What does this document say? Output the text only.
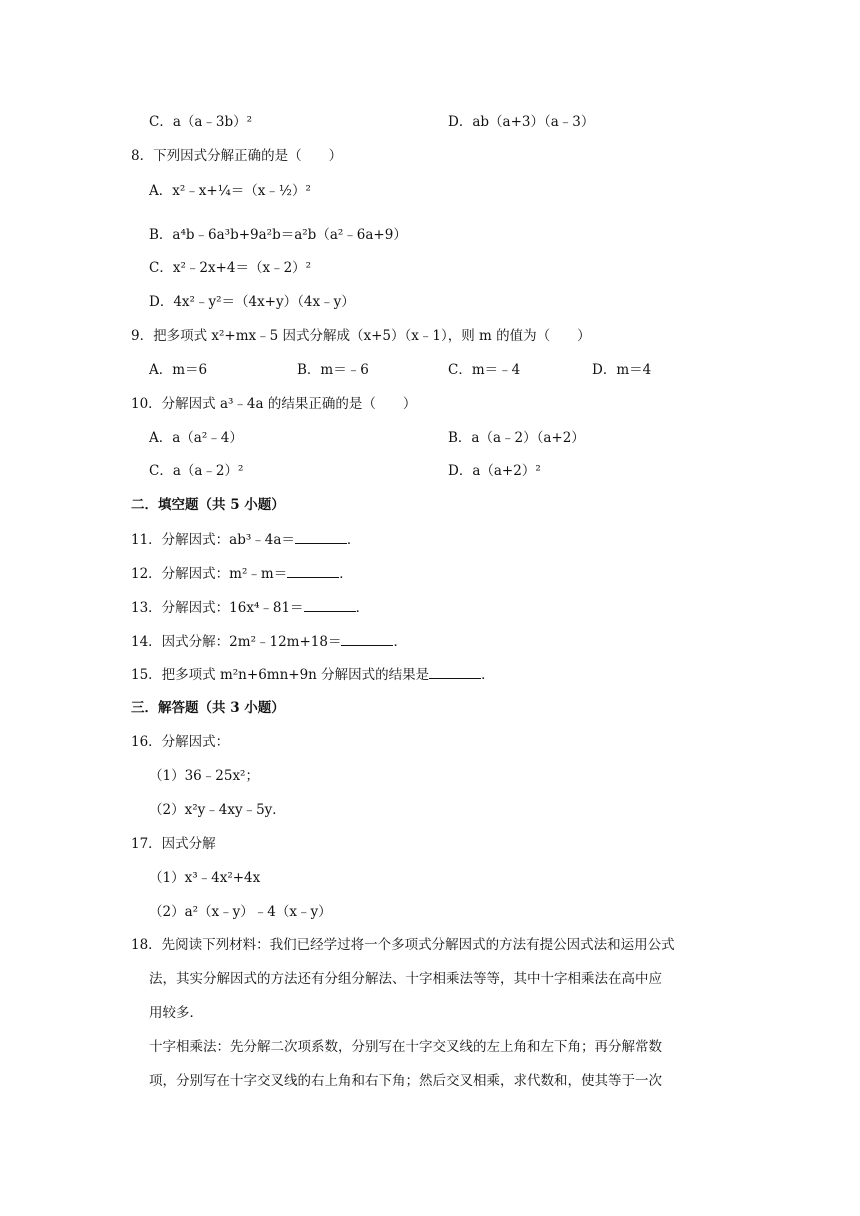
C．a（a﹣3b）²	D．ab（a+3）（a﹣3）
8．下列因式分解正确的是（　　）
A．x²﹣x+¼＝（x﹣½）²
B．a⁴b﹣6a³b+9a²b＝a²b（a²﹣6a+9）
C．x²﹣2x+4＝（x﹣2）²
D．4x²﹣y²＝（4x+y）（4x﹣y）
9．把多项式 x²+mx﹣5 因式分解成（x+5）（x﹣1），则 m 的值为（　　）
A．m＝6	B．m＝﹣6	C．m＝﹣4	D．m＝4
10．分解因式 a³﹣4a 的结果正确的是（　　）
A．a（a²﹣4）	B．a（a﹣2）（a+2）
C．a（a﹣2）²	D．a（a+2）²
二．填空题（共 5 小题）
11．分解因式：ab³﹣4a＝	．
12．分解因式：m²﹣m＝	．
13．分解因式：16x⁴﹣81＝	．
14．因式分解：2m²﹣12m+18＝	．
15．把多项式 m²n+6mn+9n 分解因式的结果是	．
三．解答题（共 3 小题）
16．分解因式：
（1）36﹣25x²；
（2）x²y﹣4xy﹣5y．
17．因式分解
（1）x³﹣4x²+4x
（2）a²（x﹣y）﹣4（x﹣y）
18．先阅读下列材料：我们已经学过将一个多项式分解因式的方法有提公因式法和运用公式
法，其实分解因式的方法还有分组分解法、十字相乘法等等，其中十字相乘法在高中应
用较多．
十字相乘法：先分解二次项系数，分别写在十字交叉线的左上角和左下角；再分解常数
项，分别写在十字交叉线的右上角和右下角；然后交叉相乘，求代数和，使其等于一次
